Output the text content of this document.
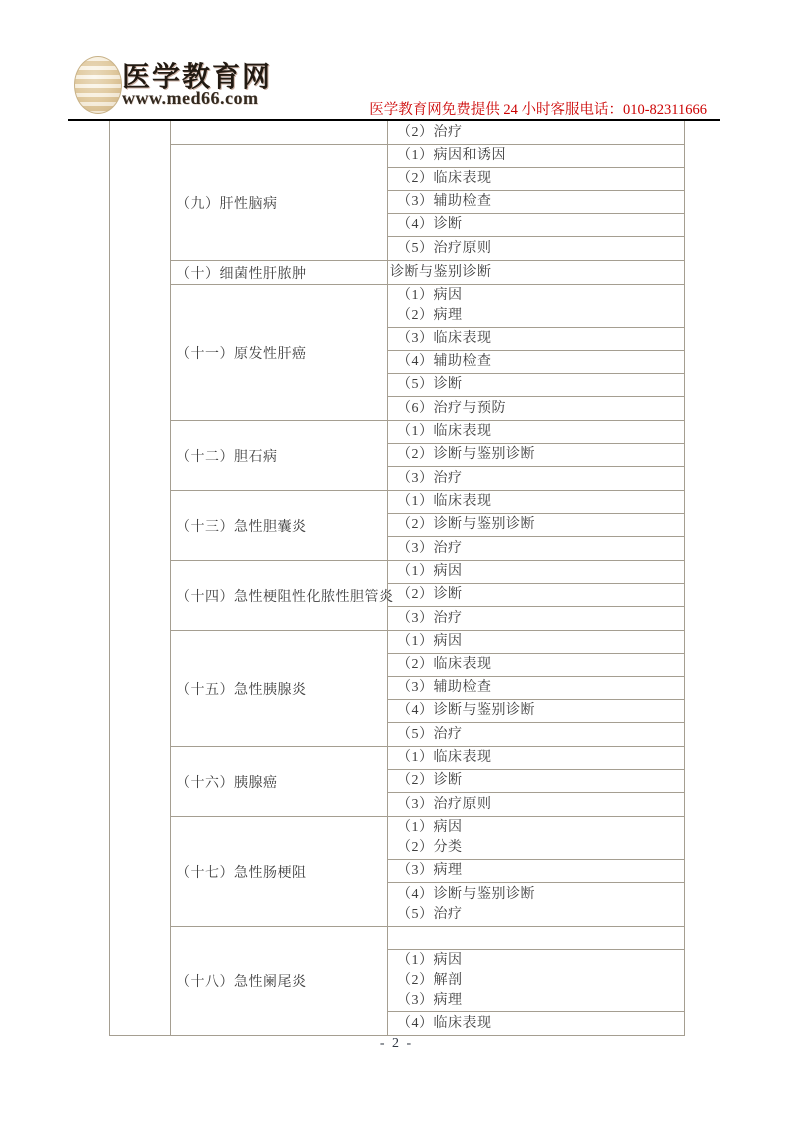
医学教育网
www.med66.com
医学教育网免费提供 24 小时客服电话：010-82311666
（2）治疗
（九）肝性脑病
（1）病因和诱因
（2）临床表现
（3）辅助检查
（4）诊断
（5）治疗原则
（十）细菌性肝脓肿	诊断与鉴别诊断
（十一）原发性肝癌
（1）病因
（2）病理
（3）临床表现
（4）辅助检查
（5）诊断
（6）治疗与预防
（十二）胆石病
（1）临床表现
（2）诊断与鉴别诊断
（3）治疗
（十三）急性胆囊炎
（1）临床表现
（2）诊断与鉴别诊断
（3）治疗
（十四）急性梗阻性化脓性胆管炎
（1）病因
（2）诊断
（3）治疗
（十五）急性胰腺炎
（1）病因
（2）临床表现
（3）辅助检查
（4）诊断与鉴别诊断
（5）治疗
（十六）胰腺癌
（1）临床表现
（2）诊断
（3）治疗原则
（十七）急性肠梗阻
（1）病因
（2）分类
（3）病理
（4）诊断与鉴别诊断
（5）治疗
（十八）急性阑尾炎
（1）病因
（2）解剖
（3）病理
（4）临床表现
- 2 -
